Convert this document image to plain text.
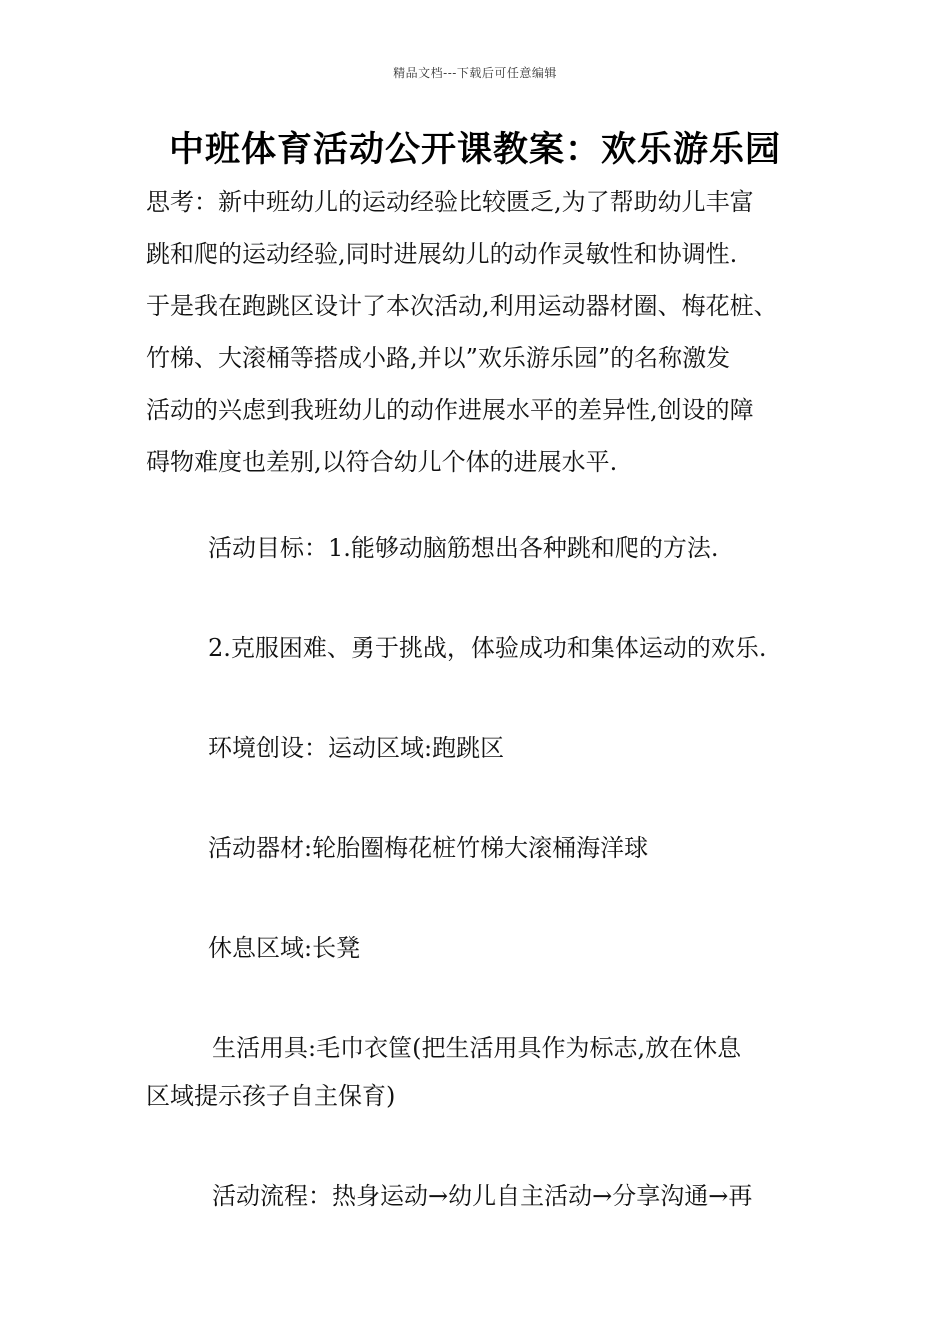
精品文档---下载后可任意编辑
中班体育活动公开课教案：欢乐游乐园
思考：新中班幼儿的运动经验比较匮乏,为了帮助幼儿丰富
跳和爬的运动经验,同时进展幼儿的动作灵敏性和协调性.
于是我在跑跳区设计了本次活动,利用运动器材圈、梅花桩、
竹梯、大滚桶等搭成小路,并以”欢乐游乐园”的名称激发
活动的兴虑到我班幼儿的动作进展水平的差异性,创设的障
碍物难度也差别,以符合幼儿个体的进展水平.
活动目标：1.能够动脑筋想出各种跳和爬的方法.
2.克服困难、勇于挑战，体验成功和集体运动的欢乐.
环境创设：运动区域:跑跳区
活动器材:轮胎圈梅花桩竹梯大滚桶海洋球
休息区域:长凳
生活用具:毛巾衣筐(把生活用具作为标志,放在休息
区域提示孩子自主保育)
活动流程：热身运动→幼儿自主活动→分享沟通→再
